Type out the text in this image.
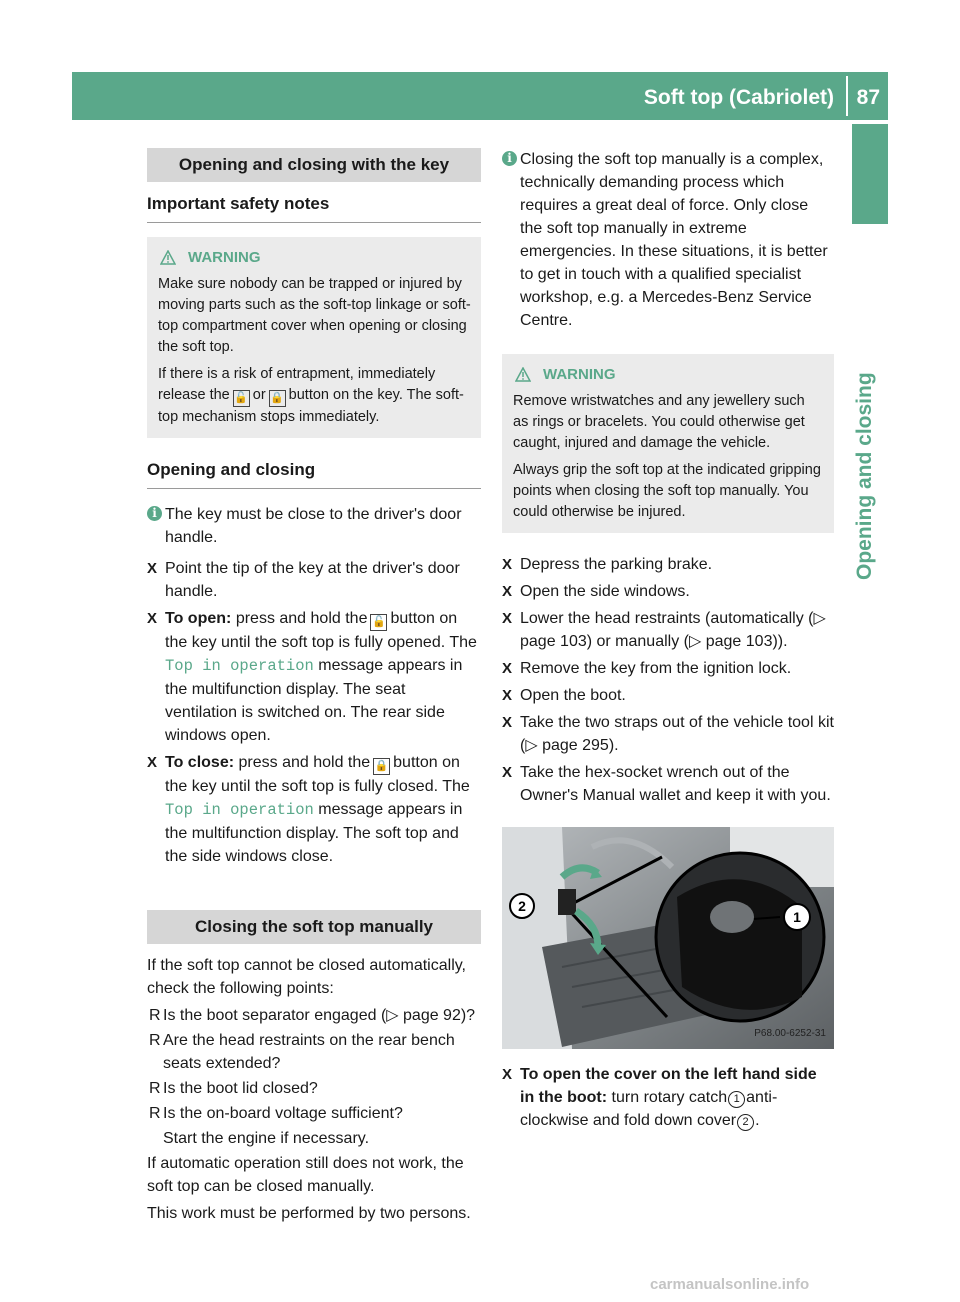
Soft top (Cabriolet) 87
Opening and closing
Opening and closing with the key
Important safety notes
WARNING

Make sure nobody can be trapped or injured by moving parts such as the soft-top linkage or soft-top compartment cover when opening or closing the soft top.

If there is a risk of entrapment, immediately release the 🔓 or 🔒 button on the key. The soft-top mechanism stops immediately.

Opening and closing
i The key must be close to the driver's door handle.
X Point the tip of the key at the driver's door handle.
X To open: press and hold the 🔓 button on the key until the soft top is fully opened. The Top in operation message appears in the multifunction display. The seat ventilation is switched on. The rear side windows open.
X To close: press and hold the 🔒 button on the key until the soft top is fully closed. The Top in operation message appears in the multifunction display. The soft top and the side windows close.
Closing the soft top manually

If the soft top cannot be closed automatically, check the following points:

R Is the boot separator engaged (▷ page 92)?
R Are the head restraints on the rear bench seats extended?
R Is the boot lid closed?
R Is the on-board voltage sufficient?
Start the engine if necessary.

If automatic operation still does not work, the soft top can be closed manually.

This work must be performed by two persons.

i Closing the soft top manually is a complex, technically demanding process which requires a great deal of force. Only close the soft top manually in extreme emergencies. In these situations, it is better to get in touch with a qualified specialist workshop, e.g. a Mercedes-Benz Service Centre.
WARNING

Remove wristwatches and any jewellery such as rings or bracelets. You could otherwise get caught, injured and damage the vehicle.

Always grip the soft top at the indicated gripping points when closing the soft top manually. You could otherwise be injured.

X Depress the parking brake.
X Open the side windows.
X Lower the head restraints (automatically (▷ page 103) or manually (▷ page 103)).
X Remove the key from the ignition lock.
X Open the boot.
X Take the two straps out of the vehicle tool kit (▷ page 295).
X Take the hex-socket wrench out of the Owner's Manual wallet and keep it with you.
2
1
P68.00-6252-31
X To open the cover on the left hand side in the boot: turn rotary catch 1 anti-clockwise and fold down cover 2 .
carmanualsonline.info
